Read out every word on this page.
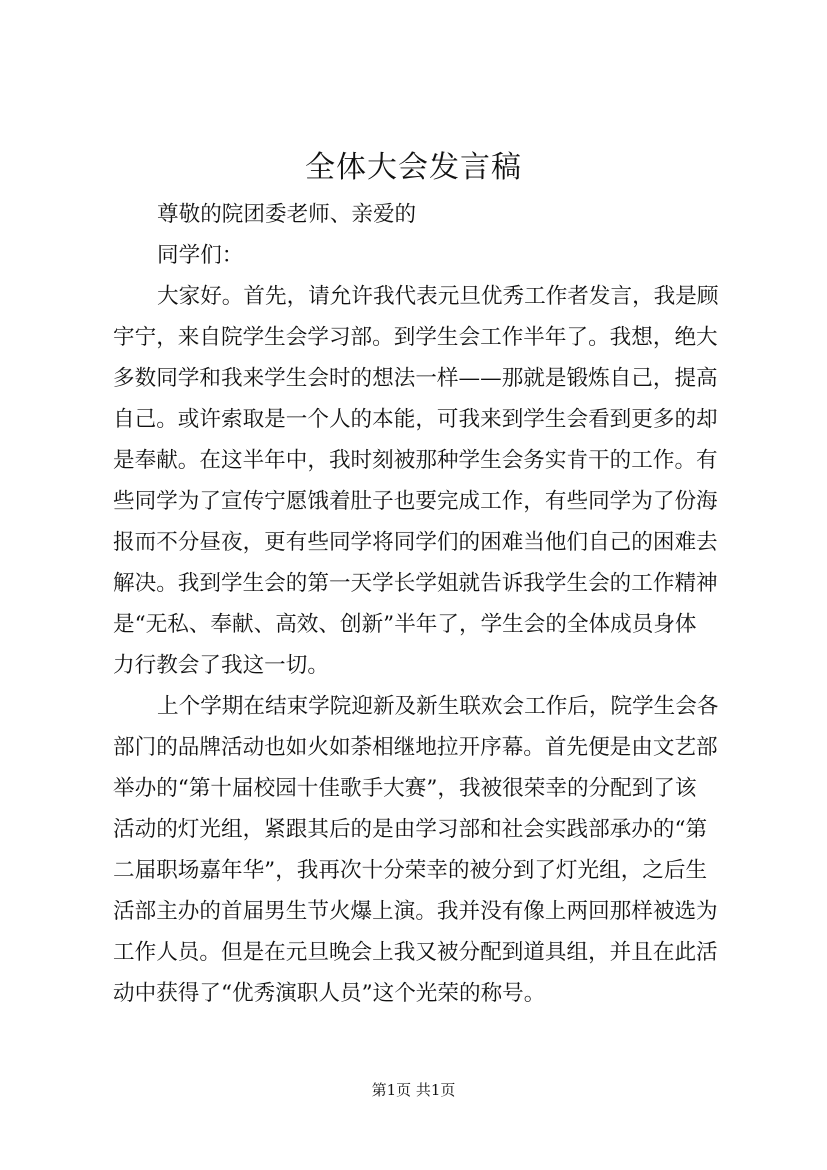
全体大会发言稿

尊敬的院团委老师、亲爱的

同学们：

大家好。首先，请允许我代表元旦优秀工作者发言，我是顾

宇宁，来自院学生会学习部。到学生会工作半年了。我想，绝大

多数同学和我来学生会时的想法一样——那就是锻炼自己，提高

自己。或许索取是一个人的本能，可我来到学生会看到更多的却

是奉献。在这半年中，我时刻被那种学生会务实肯干的工作。有

些同学为了宣传宁愿饿着肚子也要完成工作，有些同学为了份海

报而不分昼夜，更有些同学将同学们的困难当他们自己的困难去

解决。我到学生会的第一天学长学姐就告诉我学生会的工作精神

是“无私、奉献、高效、创新”半年了，学生会的全体成员身体

力行教会了我这一切。

上个学期在结束学院迎新及新生联欢会工作后，院学生会各

部门的品牌活动也如火如荼相继地拉开序幕。首先便是由文艺部

举办的“第十届校园十佳歌手大赛”，我被很荣幸的分配到了该

活动的灯光组，紧跟其后的是由学习部和社会实践部承办的“第

二届职场嘉年华”，我再次十分荣幸的被分到了灯光组，之后生

活部主办的首届男生节火爆上演。我并没有像上两回那样被选为

工作人员。但是在元旦晚会上我又被分配到道具组，并且在此活

动中获得了“优秀演职人员”这个光荣的称号。

第1页 共1页
